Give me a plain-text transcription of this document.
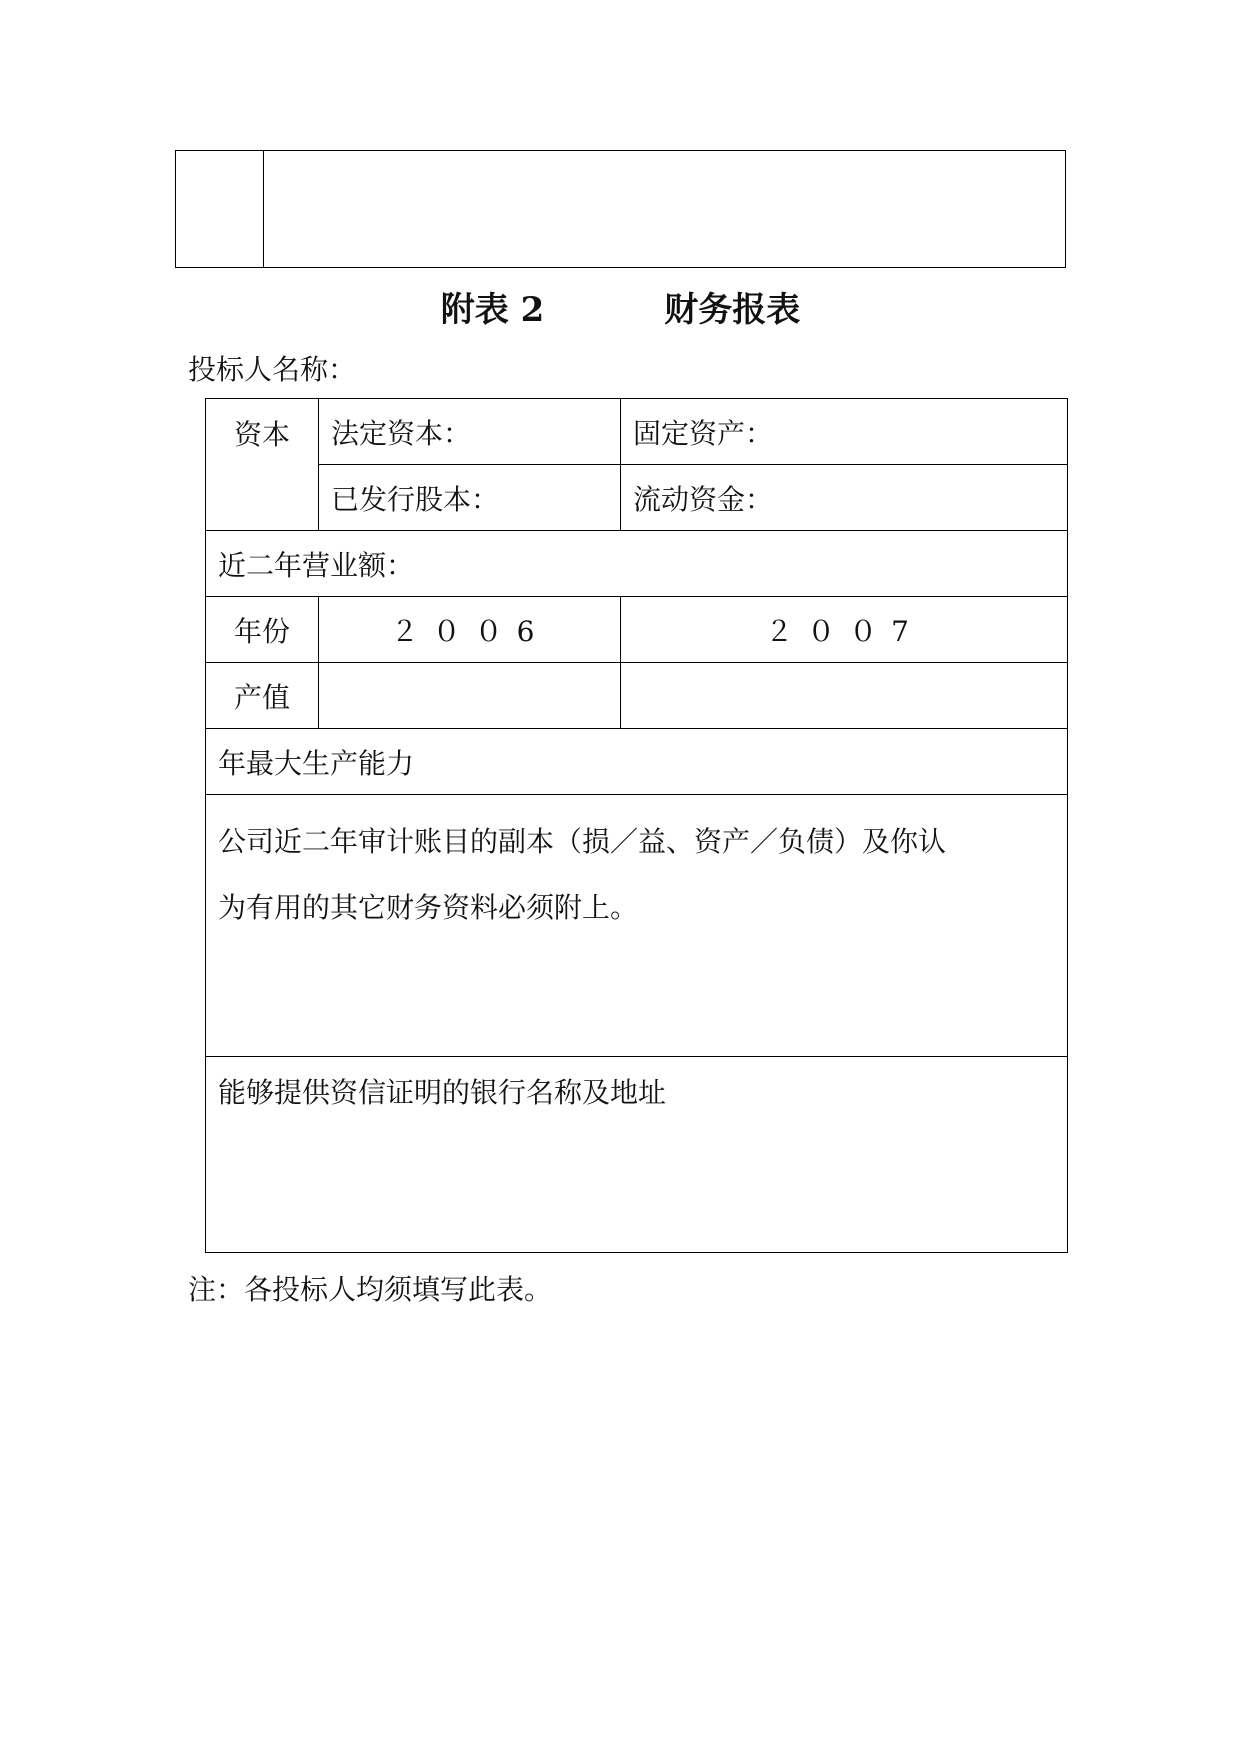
附表 2	财务报表
投标人名称：
资本	法定资本：	固定资产：
	已发行股本：	流动资金：
近二年营业额：		
年份	２００6	２００7
产值		
年最大生产能力		

公司近二年审计账目的副本（损／益、资产／负债）及你认

为有用的其它财务资料必须附上。		

能够提供资信证明的银行名称及地址		
注：各投标人均须填写此表。
